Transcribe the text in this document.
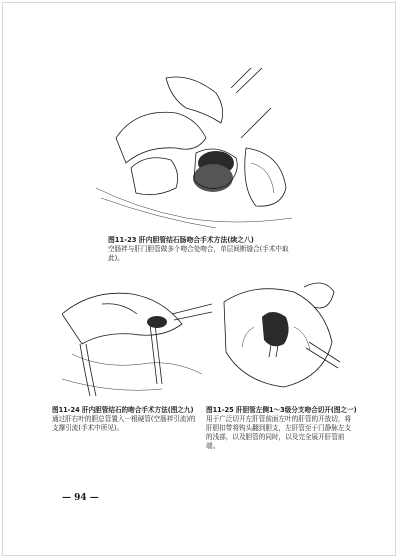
图11-23 肝内胆管结石肠吻合手术方法(续之八)
空肠袢与肝门胆管做多个吻合处吻合，单层间断缝合(手术中取此)。
图11-24 肝内胆管结石的吻合手术方法(图之九)
通过肝右叶的胆总管置入一根硬管(空肠袢引流)的支撑引流(手术中所见)。
图11-25 肝胆管左侧1～3级分支吻合切开(图之一)
用于广泛切开左肝管前面左叶的肝管的开放切，将肝胆扣带将钩头翻到胆支，左肝管至于门静脉左支的浅部，以及胆管的同时，以及完全展开肝管前端。
— 94 —
